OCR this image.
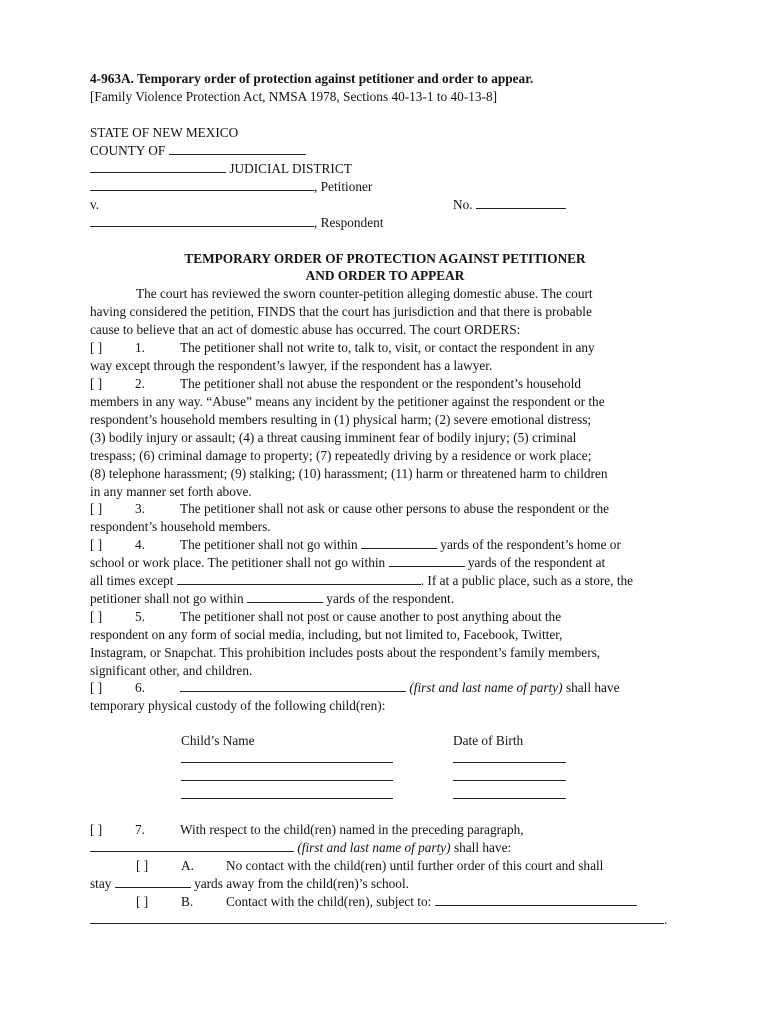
4-963A. Temporary order of protection against petitioner and order to appear.
[Family Violence Protection Act, NMSA 1978, Sections 40-13-1 to 40-13-8]
STATE OF NEW MEXICO
COUNTY OF
JUDICIAL DISTRICT
, Petitioner
v.	No.
, Respondent
TEMPORARY ORDER OF PROTECTION AGAINST PETITIONER
AND ORDER TO APPEAR
The court has reviewed the sworn counter-petition alleging domestic abuse. The court
having considered the petition, FINDS that the court has jurisdiction and that there is probable
cause to believe that an act of domestic abuse has occurred. The court ORDERS:
[ ] 1.	The petitioner shall not write to, talk to, visit, or contact the respondent in any
way except through the respondent’s lawyer, if the respondent has a lawyer.
[ ] 2.	The petitioner shall not abuse the respondent or the respondent’s household
members in any way. “Abuse” means any incident by the petitioner against the respondent or the
respondent’s household members resulting in (1) physical harm; (2) severe emotional distress;
(3) bodily injury or assault; (4) a threat causing imminent fear of bodily injury; (5) criminal
trespass; (6) criminal damage to property; (7) repeatedly driving by a residence or work place;
(8) telephone harassment; (9) stalking; (10) harassment; (11) harm or threatened harm to children
in any manner set forth above.
[ ] 3.	The petitioner shall not ask or cause other persons to abuse the respondent or the
respondent’s household members.
[ ] 4.	The petitioner shall not go within	yards of the respondent’s home or
school or work place. The petitioner shall not go within	yards of the respondent at
all times except	. If at a public place, such as a store, the
petitioner shall not go within	yards of the respondent.
[ ] 5.	The petitioner shall not post or cause another to post anything about the
respondent on any form of social media, including, but not limited to, Facebook, Twitter,
Instagram, or Snapchat. This prohibition includes posts about the respondent’s family members,
significant other, and children.
[ ] 6.	(first and last name of party) shall have
temporary physical custody of the following child(ren):
Child’s Name	Date of Birth
[ ] 7.	With respect to the child(ren) named in the preceding paragraph,
(first and last name of party) shall have:
[ ] A. No contact with the child(ren) until further order of this court and shall
stay	yards away from the child(ren)’s school.
[ ] B. Contact with the child(ren), subject to:
.
